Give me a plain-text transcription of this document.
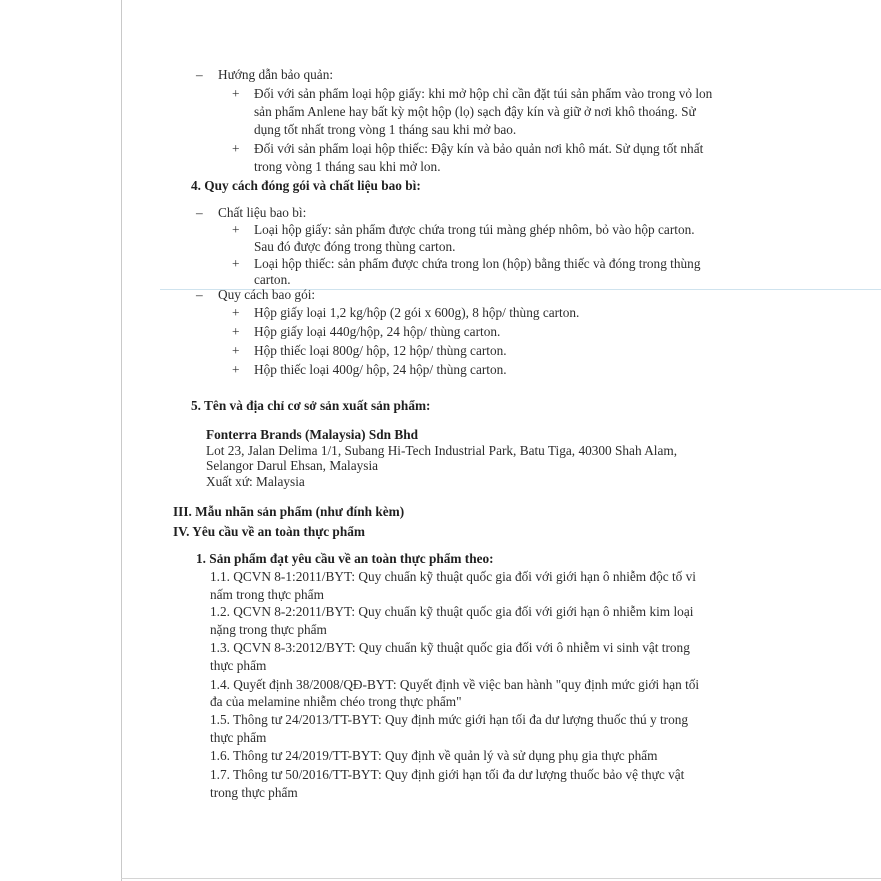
– Hướng dẫn bảo quản:
+ Đối với sản phẩm loại hộp giấy: khi mở hộp chỉ cần đặt túi sản phẩm vào trong vỏ lon
sản phẩm Anlene hay bất kỳ một hộp (lọ) sạch đậy kín và giữ ở nơi khô thoáng. Sử
dụng tốt nhất trong vòng 1 tháng sau khi mở bao.
+ Đối với sản phẩm loại hộp thiếc: Đậy kín và bảo quản nơi khô mát. Sử dụng tốt nhất
trong vòng 1 tháng sau khi mở lon.
4. Quy cách đóng gói và chất liệu bao bì:
– Chất liệu bao bì:
+ Loại hộp giấy: sản phẩm được chứa trong túi màng ghép nhôm, bỏ vào hộp carton.
Sau đó được đóng trong thùng carton.
+ Loại hộp thiếc: sản phẩm được chứa trong lon (hộp) bằng thiếc và đóng trong thùng
carton.
– Quy cách bao gói:
+ Hộp giấy loại 1,2 kg/hộp (2 gói x 600g), 8 hộp/ thùng carton.
+ Hộp giấy loại 440g/hộp, 24 hộp/ thùng carton.
+ Hộp thiếc loại 800g/ hộp, 12 hộp/ thùng carton.
+ Hộp thiếc loại 400g/ hộp, 24 hộp/ thùng carton.
5. Tên và địa chỉ cơ sở sản xuất sản phẩm:
Fonterra Brands (Malaysia) Sdn Bhd
Lot 23, Jalan Delima 1/1, Subang Hi-Tech Industrial Park, Batu Tiga, 40300 Shah Alam,
Selangor Darul Ehsan, Malaysia
Xuất xứ: Malaysia
III. Mẫu nhãn sản phẩm (như đính kèm)
IV. Yêu cầu về an toàn thực phẩm
1. Sản phẩm đạt yêu cầu về an toàn thực phẩm theo:
1.1. QCVN 8-1:2011/BYT: Quy chuẩn kỹ thuật quốc gia đối với giới hạn ô nhiễm độc tố vi
nấm trong thực phẩm
1.2. QCVN 8-2:2011/BYT: Quy chuẩn kỹ thuật quốc gia đối với giới hạn ô nhiễm kim loại
nặng trong thực phẩm
1.3. QCVN 8-3:2012/BYT: Quy chuẩn kỹ thuật quốc gia đối với ô nhiễm vi sinh vật trong
thực phẩm
1.4. Quyết định 38/2008/QĐ-BYT: Quyết định về việc ban hành "quy định mức giới hạn tối
đa của melamine nhiễm chéo trong thực phẩm"
1.5. Thông tư 24/2013/TT-BYT: Quy định mức giới hạn tối đa dư lượng thuốc thú y trong
thực phẩm
1.6. Thông tư 24/2019/TT-BYT: Quy định về quản lý và sử dụng phụ gia thực phẩm
1.7. Thông tư 50/2016/TT-BYT: Quy định giới hạn tối đa dư lượng thuốc bảo vệ thực vật
trong thực phẩm
